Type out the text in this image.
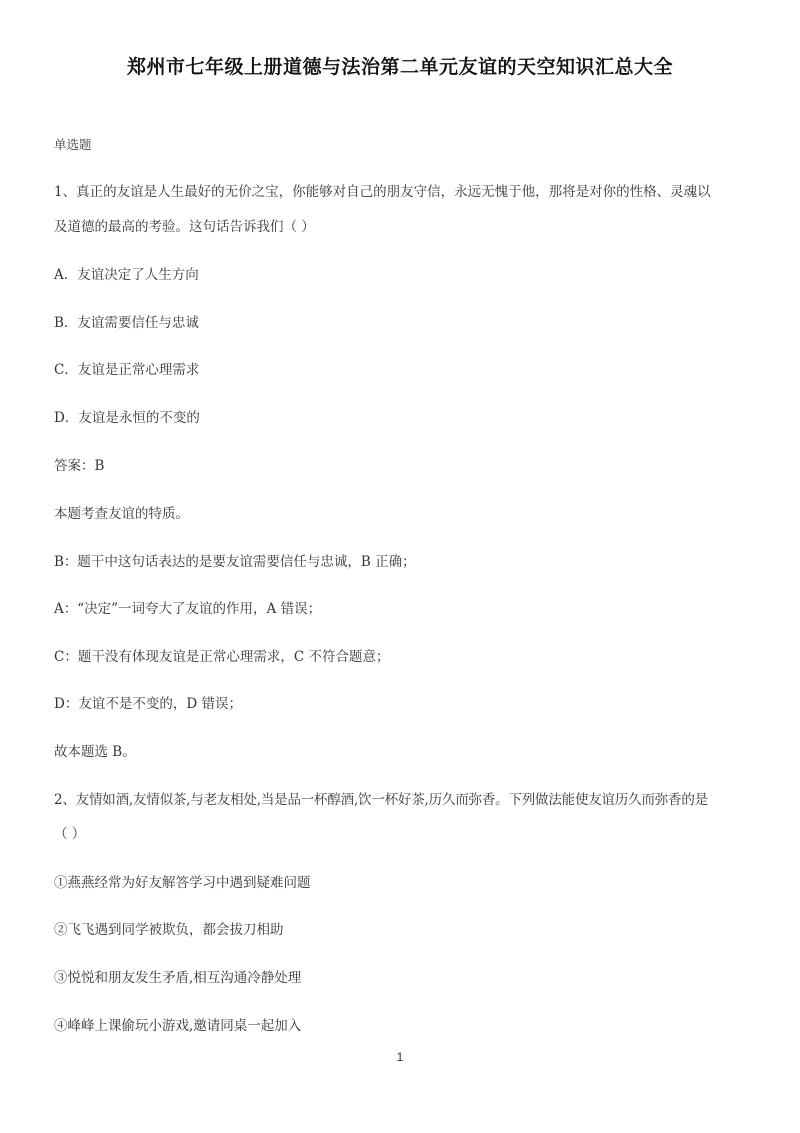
郑州市七年级上册道德与法治第二单元友谊的天空知识汇总大全
单选题
1、真正的友谊是人生最好的无价之宝，你能够对自己的朋友守信，永远无愧于他，那将是对你的性格、灵魂以
及道德的最高的考验。这句话告诉我们（ ）
A．友谊决定了人生方向
B．友谊需要信任与忠诚
C．友谊是正常心理需求
D．友谊是永恒的不变的
答案：B
本题考查友谊的特质。
B：题干中这句话表达的是要友谊需要信任与忠诚，B 正确；
A：“决定”一词夸大了友谊的作用，A 错误；
C：题干没有体现友谊是正常心理需求，C 不符合题意；
D：友谊不是不变的，D 错误；
故本题选 B。
2、友情如酒,友情似茶,与老友相处,当是品一杯醇酒,饮一杯好茶,历久而弥香。下列做法能使友谊历久而弥香的是
（ ）
①燕燕经常为好友解答学习中遇到疑难问题
②飞飞遇到同学被欺负，都会拔刀相助
③悦悦和朋友发生矛盾,相互沟通冷静处理
④峰峰上课偷玩小游戏,邀请同桌一起加入
1
